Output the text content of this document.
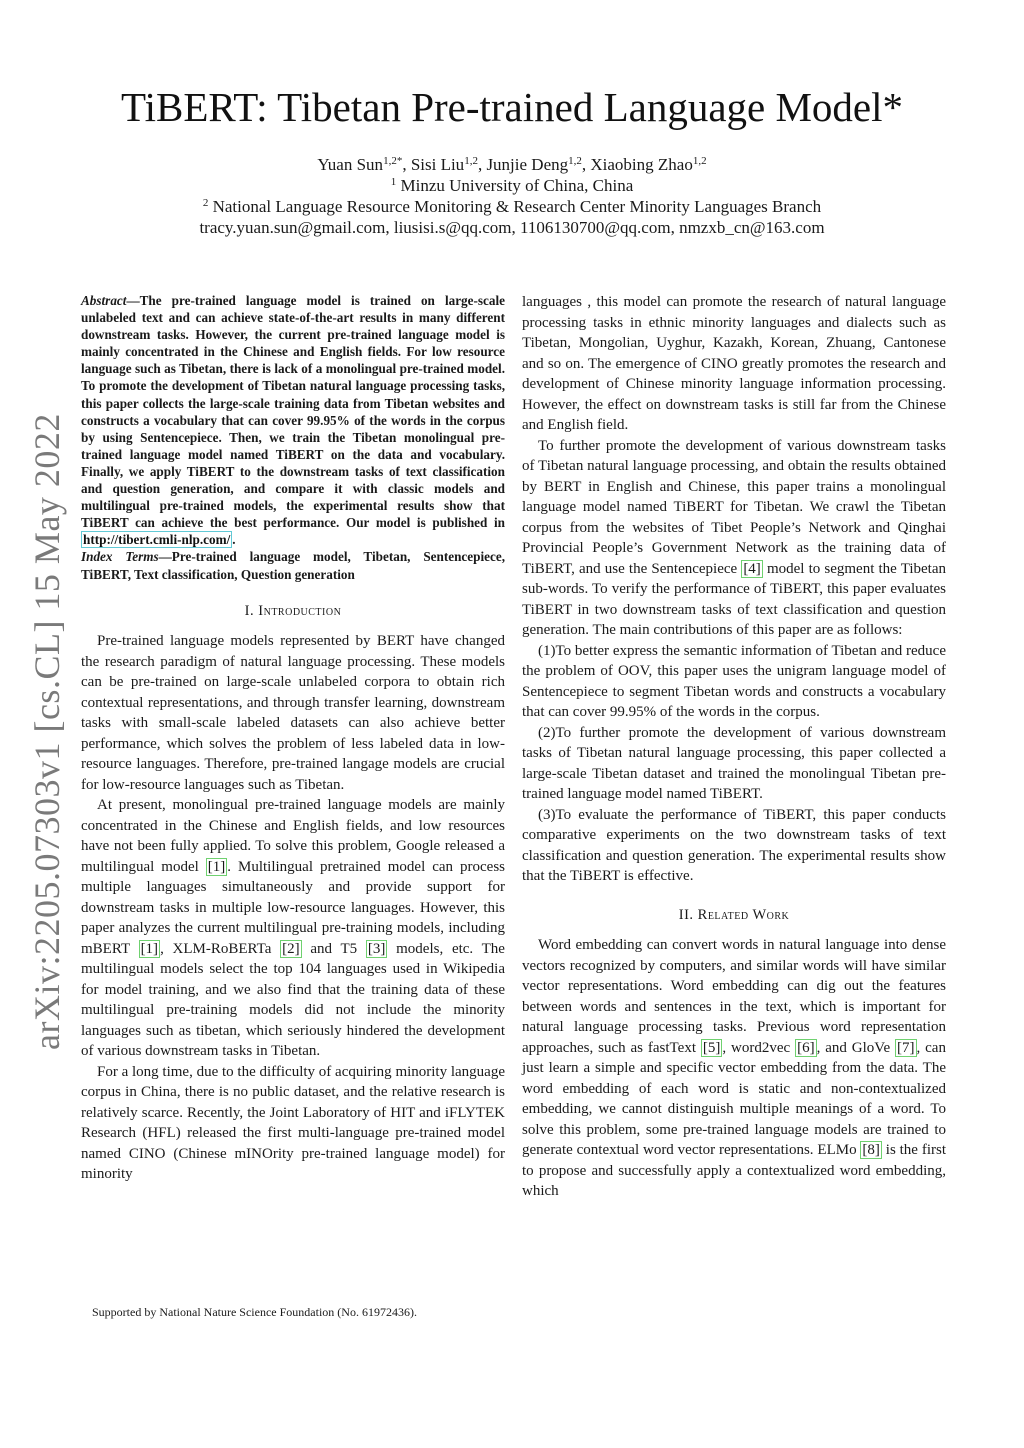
arXiv:2205.07303v1 [cs.CL] 15 May 2022
TiBERT: Tibetan Pre-trained Language Model*
Yuan Sun$^{1,2*}$, Sisi Liu$^{1,2}$, Junjie Deng$^{1,2}$, Xiaobing Zhao$^{1,2}$
$^1$ Minzu University of China, China
$^2$ National Language Resource Monitoring & Research Center Minority Languages Branch
tracy.yuan.sun@gmail.com, liusisi.s@qq.com, 1106130700@qq.com, nmzxb_cn@163.com
Abstract—The pre-trained language model is trained on large-scale unlabeled text and can achieve state-of-the-art results in many different downstream tasks. However, the current pre-trained language model is mainly concentrated in the Chinese and English fields. For low resource language such as Tibetan, there is lack of a monolingual pre-trained model. To promote the development of Tibetan natural language processing tasks, this paper collects the large-scale training data from Tibetan websites and constructs a vocabulary that can cover 99.95% of the words in the corpus by using Sentencepiece. Then, we train the Tibetan monolingual pre-trained language model named TiBERT on the data and vocabulary. Finally, we apply TiBERT to the downstream tasks of text classification and question generation, and compare it with classic models and multilingual pre-trained models, the experimental results show that TiBERT can achieve the best performance. Our model is published in http://tibert.cmli-nlp.com/ .
Index Terms—Pre-trained language model, Tibetan, Sentencepiece, TiBERT, Text classification, Question generation
I. Introduction

Pre-trained language models represented by BERT have changed the research paradigm of natural language processing. These models can be pre-trained on large-scale unlabeled corpora to obtain rich contextual representations, and through transfer learning, downstream tasks with small-scale labeled datasets can also achieve better performance, which solves the problem of less labeled data in low-resource languages. Therefore, pre-trained langage models are crucial for low-resource languages such as Tibetan.

At present, monolingual pre-trained language models are mainly concentrated in the Chinese and English fields, and low resources have not been fully applied. To solve this problem, Google released a multilingual model [1] . Multilingual pretrained model can process multiple languages simultaneously and provide support for downstream tasks in multiple low-resource languages. However, this paper analyzes the current multilingual pre-training models, including mBERT [1] , XLM-RoBERTa [2] and T5 [3] models, etc. The multilingual models select the top 104 languages used in Wikipedia for model training, and we also find that the training data of these multilingual pre-training models did not include the minority languages such as tibetan, which seriously hindered the development of various downstream tasks in Tibetan.

For a long time, due to the difficulty of acquiring minority language corpus in China, there is no public dataset, and the relative research is relatively scarce. Recently, the Joint Laboratory of HIT and iFLYTEK Research (HFL) released the first multi-language pre-trained model named CINO (Chinese mINOrity pre-trained language model) for minority

languages , this model can promote the research of natural language processing tasks in ethnic minority languages and dialects such as Tibetan, Mongolian, Uyghur, Kazakh, Korean, Zhuang, Cantonese and so on. The emergence of CINO greatly promotes the research and development of Chinese minority language information processing. However, the effect on downstream tasks is still far from the Chinese and English field.

To further promote the development of various downstream tasks of Tibetan natural language processing, and obtain the results obtained by BERT in English and Chinese, this paper trains a monolingual language model named TiBERT for Tibetan. We crawl the Tibetan corpus from the websites of Tibet People’s Network and Qinghai Provincial People’s Government Network as the training data of TiBERT, and use the Sentencepiece [4] model to segment the Tibetan sub-words. To verify the performance of TiBERT, this paper evaluates TiBERT in two downstream tasks of text classification and question generation. The main contributions of this paper are as follows:

(1)To better express the semantic information of Tibetan and reduce the problem of OOV, this paper uses the unigram language model of Sentencepiece to segment Tibetan words and constructs a vocabulary that can cover 99.95% of the words in the corpus.

(2)To further promote the development of various downstream tasks of Tibetan natural language processing, this paper collected a large-scale Tibetan dataset and trained the monolingual Tibetan pre-trained language model named TiBERT.

(3)To evaluate the performance of TiBERT, this paper conducts comparative experiments on the two downstream tasks of text classification and question generation. The experimental results show that the TiBERT is effective.

II. Related Work

Word embedding can convert words in natural language into dense vectors recognized by computers, and similar words will have similar vector representations. Word embedding can dig out the features between words and sentences in the text, which is important for natural language processing tasks. Previous word representation approaches, such as fastText [5] , word2vec [6] , and GloVe [7] , can just learn a simple and specific vector embedding from the data. The word embedding of each word is static and non-contextualized embedding, we cannot distinguish multiple meanings of a word. To solve this problem, some pre-trained language models are trained to generate contextual word vector representations. ELMo [8] is the first to propose and successfully apply a contextualized word embedding, which

Supported by National Nature Science Foundation (No. 61972436).
